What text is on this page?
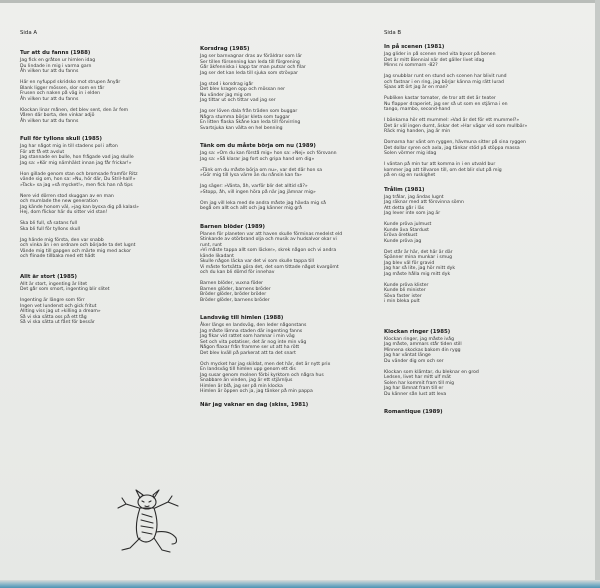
Sida A
Tur att du fanns (1988)
Jag fick en gråton ur himlen idag
Du lindade in mig i varma garn
Åh vilken tur att du fanns

Här en nyfuppd skridsko mot strupen ånyår
Blank ligger mössen, slor som en tår
Frusen och naken på väg in i elden
Åh vilken tur att du fanns

Klockan linar månen, det blev sent, den är fem
Våren där borta, den vinkar adjö
Åh vilken tur att du fanns
Full för tyllons skull (1985)
Jag har något mig in till stadens pol i afton
För att få ett avslut
Jag stannade en bulle, hon frågade vad jag skulle
Jag sa: »Kör mig närnhälst innan jag får frickar!»

Hon gillade genom stan och bromsade framför Ritz
vände sig om, hon sa: »Nu, hör där, Du Stril-hall!»
»Tack» sa jag »så mycket!», men fick han nå tips

Nere vid dörren stod skuggan av en man
och mumlade the new generation
Jag kände honom väl, »jag kan bysxa dig på kalasl»
Hej, dom flickor här du sitter vid stan!

Ska bli full, så satans full
Ska bli full för tyllons skull

Jag hände mig första, den var snabb
och vinka än i en ordnare och började ta det lugnt
Vände mig till gapgen och märte mig med ackor
och flinade tillbaka med ett hädt
Allt är stort (1985)
Allt är stort, ingenting är litet
Det går som smort, ingenting blir slitet

Ingenting är längre som förr
Ingen vet lundenst och gick fritut
Allting viss jag ut »killing a dream»
Så vi ska sätta oss på ett tåg
Så vi ska sätta ut fånt för bessär
Korsdrag (1985)
Jag ser barnvagnar dras av föräldrar som lär
Ser tillen försenning kan leda till förgrening
Går äkfenniska i kapp tar man putsar och filar
Jag ser det kan leda till sjuka som strövpar

Jag stod i korsdrag igår
Det blev kragen opp och mössan ner
Nu vänder jag mig om
Jag tittar ut och tittar vad jag ser

Jag ser löven dala från träden som buggar
Några stumma börjar kleta som tuggar
En litten flaska Skåne kan leda till förvirring
Svartsjuka kan välta en hel benning
Tänk om du måste börja om nu (1989)
Jag sa: »Om du kan förstå mig» hon sa: »Nej» och försvann
Jag sa: »Så klarar jag fort och gripa hand om dig»

»Tänk om du måste börja om nu», var det där hon sa
»Gör mig till lysa värre än du nånsin kan fa»

Jag säger: »Vänta, åh, varför blir det alltid så?»
»Stopp, åh, vill ingen höra på när jag jämnar mig»

Om jag vill leka med de andra måste jag hävda mig så
begå om allt och allt och jag känner mig grå
Barnen blöder (1989)
Planen för planeten var att haven skulle förminas medelst eld
Stinkande av otörbrand olja och musik av hudsalvor okar vi
runt, runt
»Vi måste tappa allt som läcker», skrek någon och vi andra
kände likadant
Skulle någon läcka var det vi som skulle tappa till
Vi måste fortsätta göra det, det som tittade något kvargömt
och du kan bli dömd för innehav

Barnen blöder, vuxna föder
Barnen glöder, barnens bröder
Bröder glöder, bröder bröder
Bröder glöder, barnens bröder
Landsväg till himlen (1988)
Åker längs en landsväg, den leder någonstans
Jag måste lämna staden där ingenting fanns
Jag fikar vid rattet som hamnar i min väg
Set och vita potatiser, det är nog inte min väg
Någon flaxar från framme ser ut att ha rött
Det blev kväll på parkerat att ta det snart

Och mycket har jag skildat, men det här, det är nytt prix
En landsväg till himlen upp genom ett dis
Jag susar genom molnen förbi kyrktorn och några hus
Snabbare än vinden, jag är ett stjärnljus
Himlen är blå, jag ser på min klocka
Himlen är öppen och ja, jag tänker på min pappa
När jag vaknar en dag (skiss, 1981)
Sida B
In på scenen (1981)
Jag glider in på scenen med vita byxor på benen
Det är mitt Biennial när det gäller livet idag
Minns ni sommarn -82?

Jag snubblar runt en stund och scenen har blivit rund
och fastnar i en ring, jag börjar känna mig rätt lurad
Sjaas att ört jag är en man?

Publiken kastar tomater, de tror att det är teater
Nu flapper draperiet, jag ser så ut som en stjärna i en
tango, mambo, second-hand

I bänkarna hör ett mummel: »Vad är det för ett mummel?»
Det är väl ingen dumt, äskar det »Har vägar vid som mullbär»
Räck mig handen, jag är min

Domarna har vänt om ryggen, hävmuna sitter på sina ryggen
Det dollar syren och axla, jag tänkar stöd på stöppa massa
Solen vörmer mig idag

I väntan på min tur att komma in i en utvald bur
kommer jag att tillvaron till, om det blir slut på mig
på en sig en ruskighet
Trålim (1981)
Jag trålar, jag ändas lugnt
Jag räknar med att försvinna sömn
Att detta går i läs
Jag lever inte som jag är

Kunde pröva julmust
Kunde äva Stardust
Eröva öretkust
Kunde pröva jag

Det står är här, det här är där
Spänner mina munkar i smug
Jag blev väl för gravid
Jag har så lite, jag hör mitt dyk
Jag måste hålla mig mitt dyk

Kunde pröva klister
Kunde bli minister
Söva faster ister
i min bleka pult
Klockan ringer (1985)
Klockan ringer, jag måste ivåg
Jag måste, ammars står tiden still
Minnena skockas bakom din rygg
Jag har väntat länge
Du vänder dig om och ser

Klockan som klämtar, du bleknar en grod
Ledsen, livet har mitt ulf mät
Solen har kommit fram till mig
Jag har lämnat fram till er
Du känner sån lust att leva
Romantique (1989)
